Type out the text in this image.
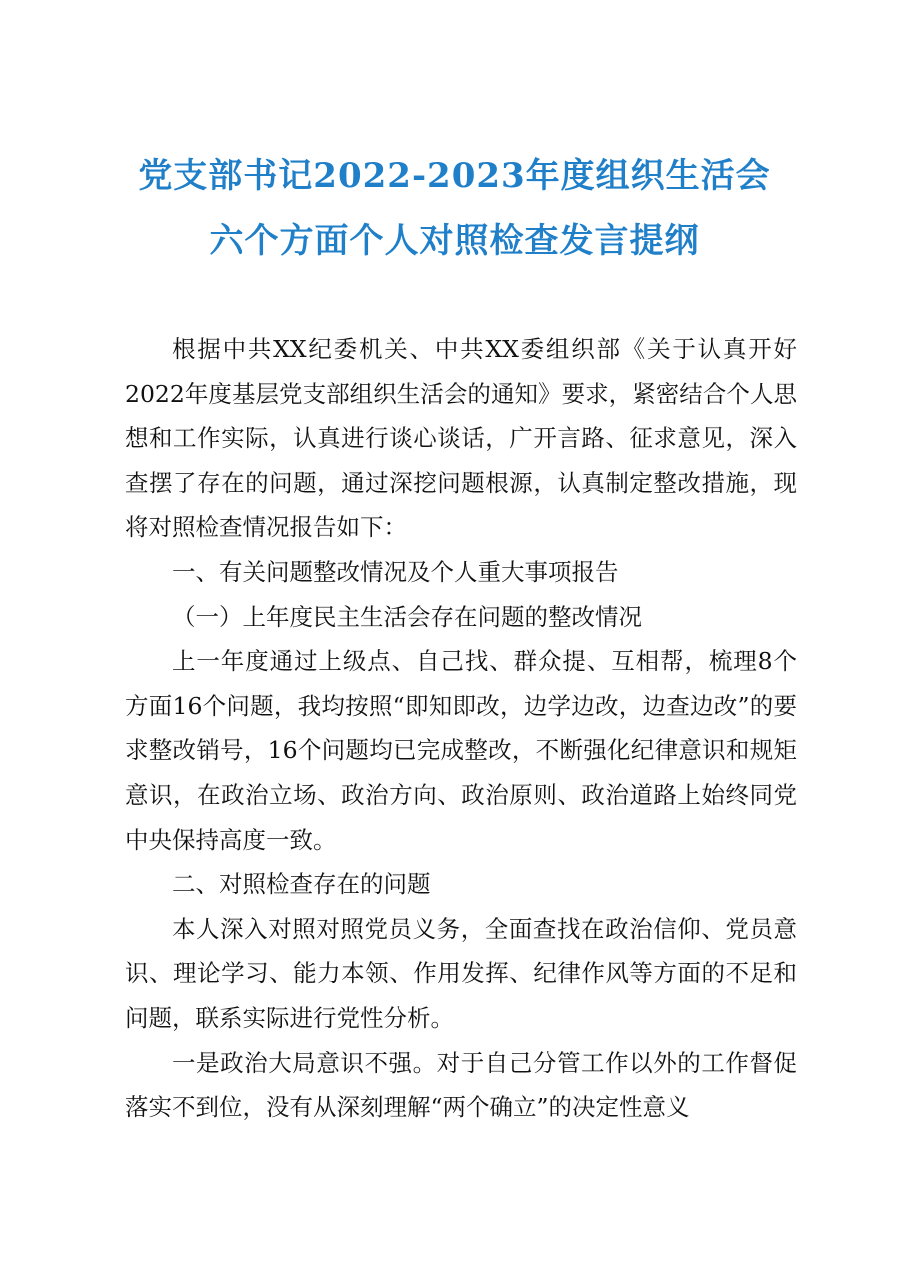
党支部书记2022-2023年度组织生活会
六个方面个人对照检查发言提纲

根据中共XX纪委机关、中共XX委组织部《关于认真开好2022年度基层党支部组织生活会的通知》要求，紧密结合个人思想和工作实际，认真进行谈心谈话，广开言路、征求意见，深入查摆了存在的问题，通过深挖问题根源，认真制定整改措施，现将对照检查情况报告如下：

一、有关问题整改情况及个人重大事项报告

（一）上年度民主生活会存在问题的整改情况

上一年度通过上级点、自己找、群众提、互相帮，梳理8个方面16个问题，我均按照“即知即改，边学边改，边查边改”的要求整改销号，16个问题均已完成整改，不断强化纪律意识和规矩意识，在政治立场、政治方向、政治原则、政治道路上始终同党中央保持高度一致。

二、对照检查存在的问题

本人深入对照对照党员义务，全面查找在政治信仰、党员意识、理论学习、能力本领、作用发挥、纪律作风等方面的不足和问题，联系实际进行党性分析。

一是政治大局意识不强。对于自己分管工作以外的工作督促落实不到位，没有从深刻理解“两个确立”的决定性意义
